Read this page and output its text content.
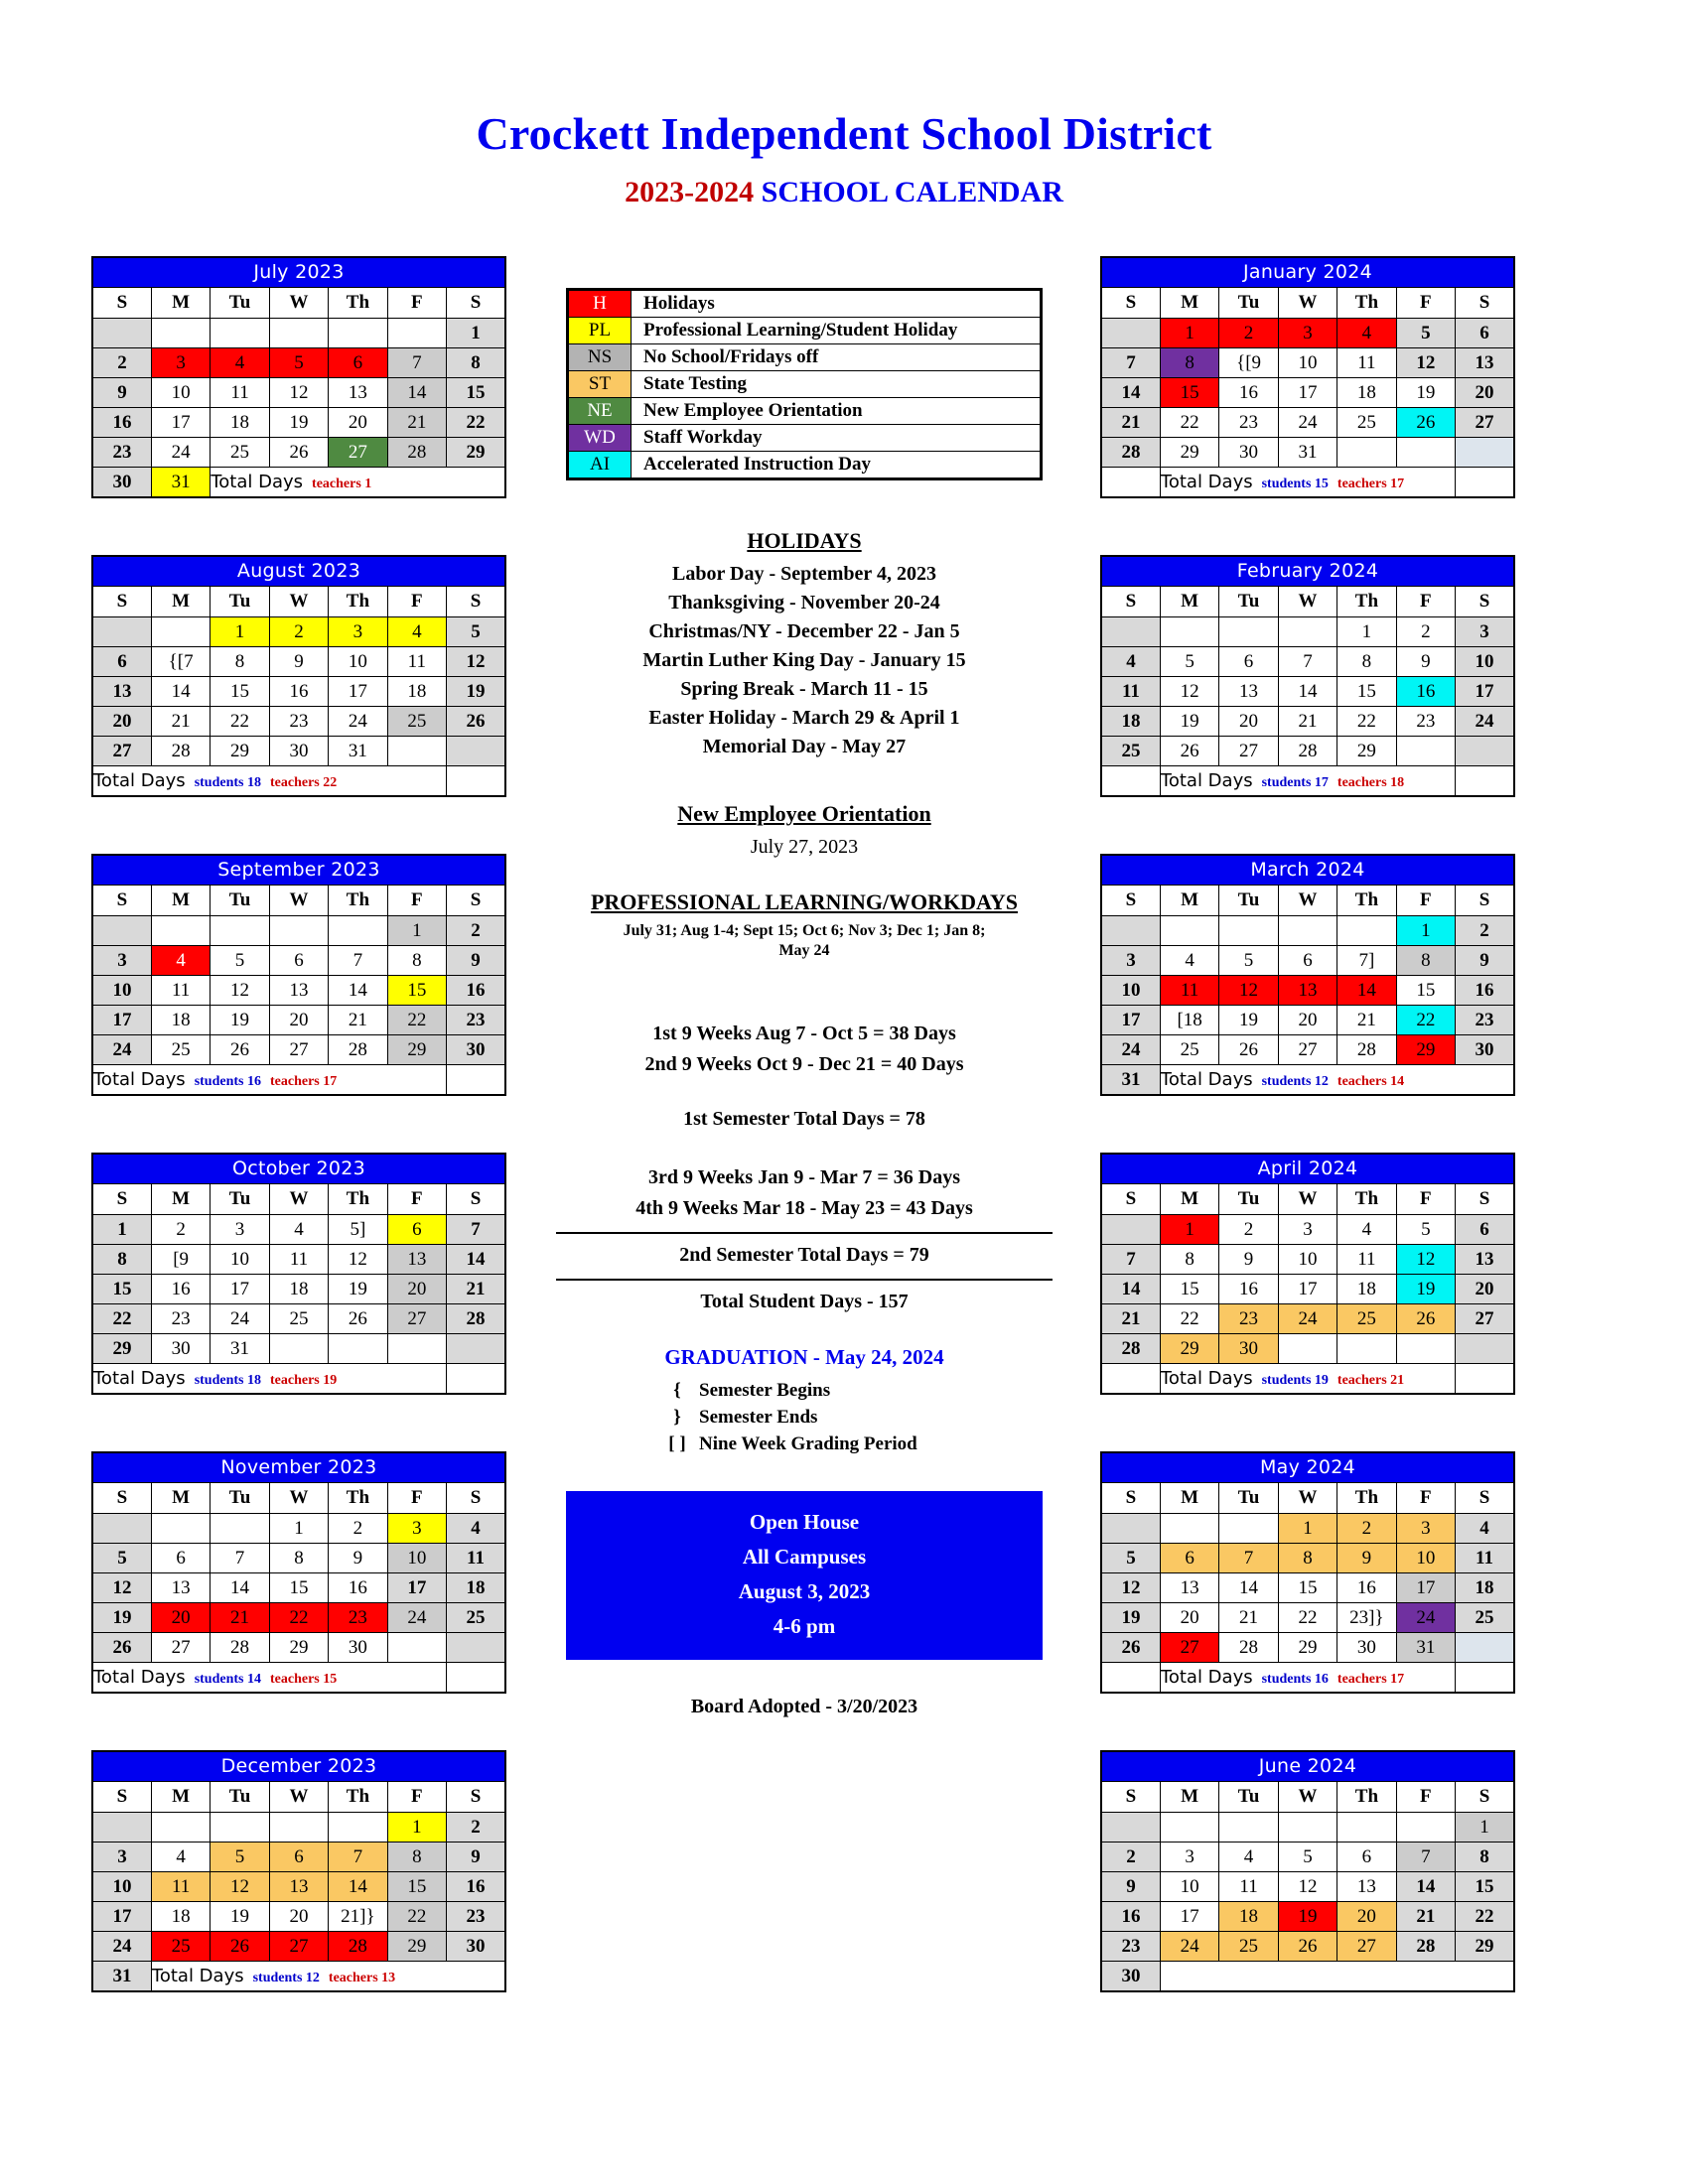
Crockett Independent School District
2023-2024 SCHOOL CALENDAR
July 2023						
S	M	Tu	W	Th	F	S
						1
2	3	4	5	6	7	8
9	10	11	12	13	14	15
16	17	18	19	20	21	22
23	24	25	26	27	28	29
30	31	Total Days teachers 1				
August 2023						
S	M	Tu	W	Th	F	S
		1	2	3	4	5
6	{[7	8	9	10	11	12
13	14	15	16	17	18	19
20	21	22	23	24	25	26
27	28	29	30	31		

Total Days students 18 teachers 22						

September 2023						
S	M	Tu	W	Th	F	S
					1	2
3	4	5	6	7	8	9
10	11	12	13	14	15	16
17	18	19	20	21	22	23
24	25	26	27	28	29	30

Total Days students 16 teachers 17						

October 2023						
S	M	Tu	W	Th	F	S
1	2	3	4	5]	6	7
8	[9	10	11	12	13	14
15	16	17	18	19	20	21
22	23	24	25	26	27	28
29	30	31				

Total Days students 18 teachers 19						

November 2023						
S	M	Tu	W	Th	F	S
			1	2	3	4
5	6	7	8	9	10	11
12	13	14	15	16	17	18
19	20	21	22	23	24	25
26	27	28	29	30		

Total Days students 14 teachers 15						

December 2023						
S	M	Tu	W	Th	F	S
					1	2
3	4	5	6	7	8	9
10	11	12	13	14	15	16
17	18	19	20	21]}	22	23
24	25	26	27	28	29	30
31	Total Days students 12 teachers 13					
January 2024						
S	M	Tu	W	Th	F	S
	1	2	3	4	5	6
7	8	{[9	10	11	12	13
14	15	16	17	18	19	20
21	22	23	24	25	26	27
28	29	30	31			

	Total Days students 15 teachers 17					

February 2024						
S	M	Tu	W	Th	F	S
				1	2	3
4	5	6	7	8	9	10
11	12	13	14	15	16	17
18	19	20	21	22	23	24
25	26	27	28	29		

	Total Days students 17 teachers 18					

March 2024						
S	M	Tu	W	Th	F	S
					1	2
3	4	5	6	7]	8	9
10	11	12	13	14	15	16
17	[18	19	20	21	22	23
24	25	26	27	28	29	30
31	Total Days students 12 teachers 14					
April 2024						
S	M	Tu	W	Th	F	S
	1	2	3	4	5	6
7	8	9	10	11	12	13
14	15	16	17	18	19	20
21	22	23	24	25	26	27
28	29	30				

	Total Days students 19 teachers 21					

May 2024						
S	M	Tu	W	Th	F	S
			1	2	3	4
5	6	7	8	9	10	11
12	13	14	15	16	17	18
19	20	21	22	23]}	24	25
26	27	28	29	30	31	

	Total Days students 16 teachers 17					

June 2024						
S	M	Tu	W	Th	F	S
						1
2	3	4	5	6	7	8
9	10	11	12	13	14	15
16	17	18	19	20	21	22
23	24	25	26	27	28	29
30						
H	Holidays
PL	Professional Learning/Student Holiday
NS	No School/Fridays off
ST	State Testing
NE	New Employee Orientation
WD	Staff Workday
AI	Accelerated Instruction Day
HOLIDAYS
Labor Day - September 4, 2023
Thanksgiving - November 20-24
Christmas/NY - December 22 - Jan 5
Martin Luther King Day - January 15
Spring Break - March 11 - 15
Easter Holiday - March 29 & April 1
Memorial Day - May 27
New Employee Orientation
July 27, 2023
PROFESSIONAL LEARNING/WORKDAYS
July 31; Aug 1-4; Sept 15; Oct 6; Nov 3; Dec 1; Jan 8;
May 24

1st 9 Weeks Aug 7 - Oct 5 = 38 Days

2nd 9 Weeks Oct 9 - Dec 21 = 40 Days

1st Semester Total Days = 78

3rd 9 Weeks Jan 9 - Mar 7 = 36 Days

4th 9 Weeks Mar 18 - May 23 = 43 Days

2nd Semester Total Days = 79

Total Student Days - 157

GRADUATION - May 24, 2024
{ Semester Begins
} Semester Ends
[ ] Nine Week Grading Period
Open House
All Campuses
August 3, 2023
4-6 pm
Board Adopted - 3/20/2023
